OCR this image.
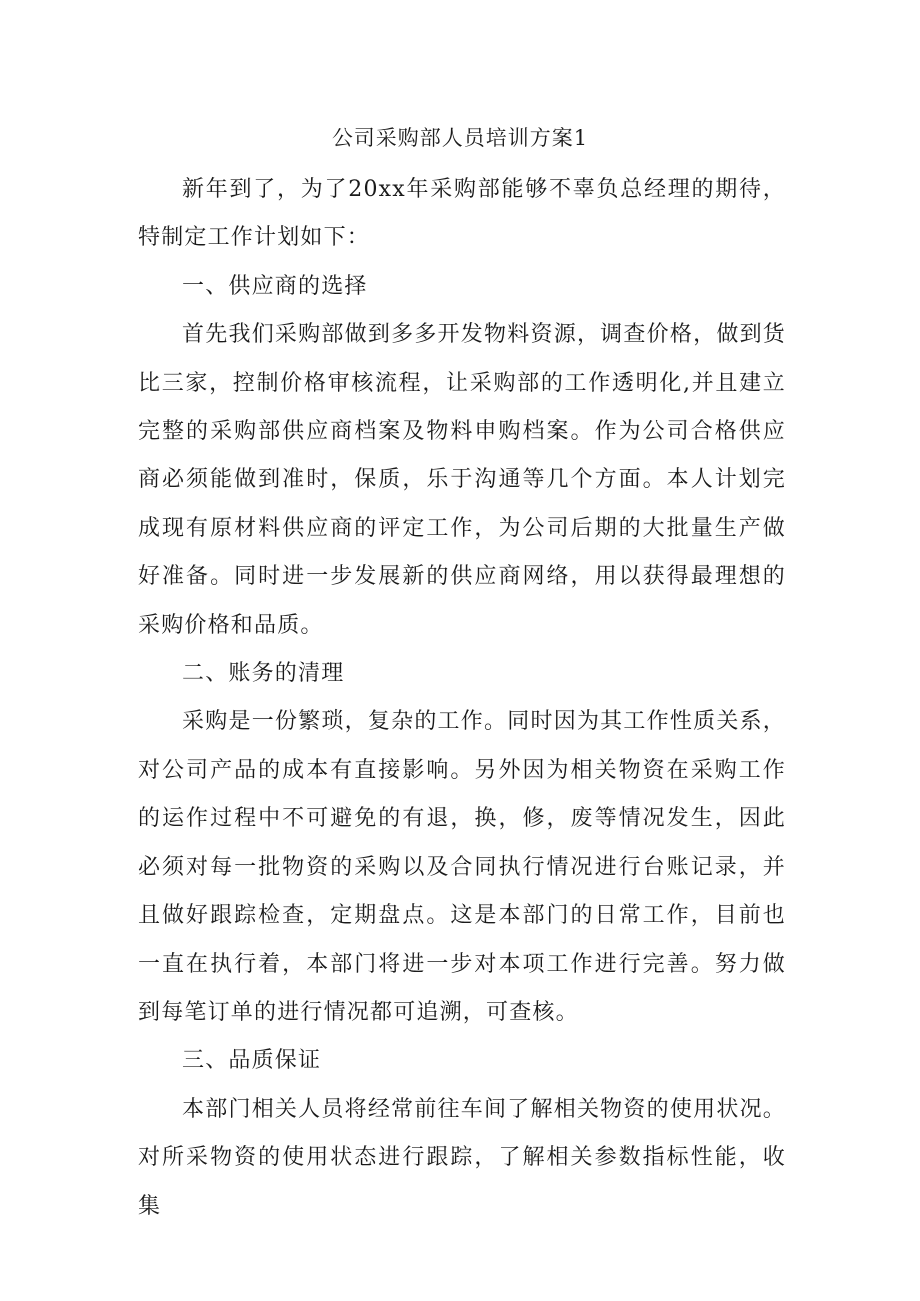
公司采购部人员培训方案1

新年到了，为了20xx年采购部能够不辜负总经理的期待，特制定工作计划如下：

一、供应商的选择

首先我们采购部做到多多开发物料资源，调查价格，做到货比三家，控制价格审核流程，让采购部的工作透明化,并且建立完整的采购部供应商档案及物料申购档案。作为公司合格供应商必须能做到准时，保质，乐于沟通等几个方面。本人计划完成现有原材料供应商的评定工作，为公司后期的大批量生产做好准备。同时进一步发展新的供应商网络，用以获得最理想的采购价格和品质。

二、账务的清理

采购是一份繁琐，复杂的工作。同时因为其工作性质关系，对公司产品的成本有直接影响。另外因为相关物资在采购工作的运作过程中不可避免的有退，换，修，废等情况发生，因此必须对每一批物资的采购以及合同执行情况进行台账记录，并且做好跟踪检查，定期盘点。这是本部门的日常工作，目前也一直在执行着，本部门将进一步对本项工作进行完善。努力做到每笔订单的进行情况都可追溯，可查核。

三、品质保证

本部门相关人员将经常前往车间了解相关物资的使用状况。对所采物资的使用状态进行跟踪，了解相关参数指标性能，收集
